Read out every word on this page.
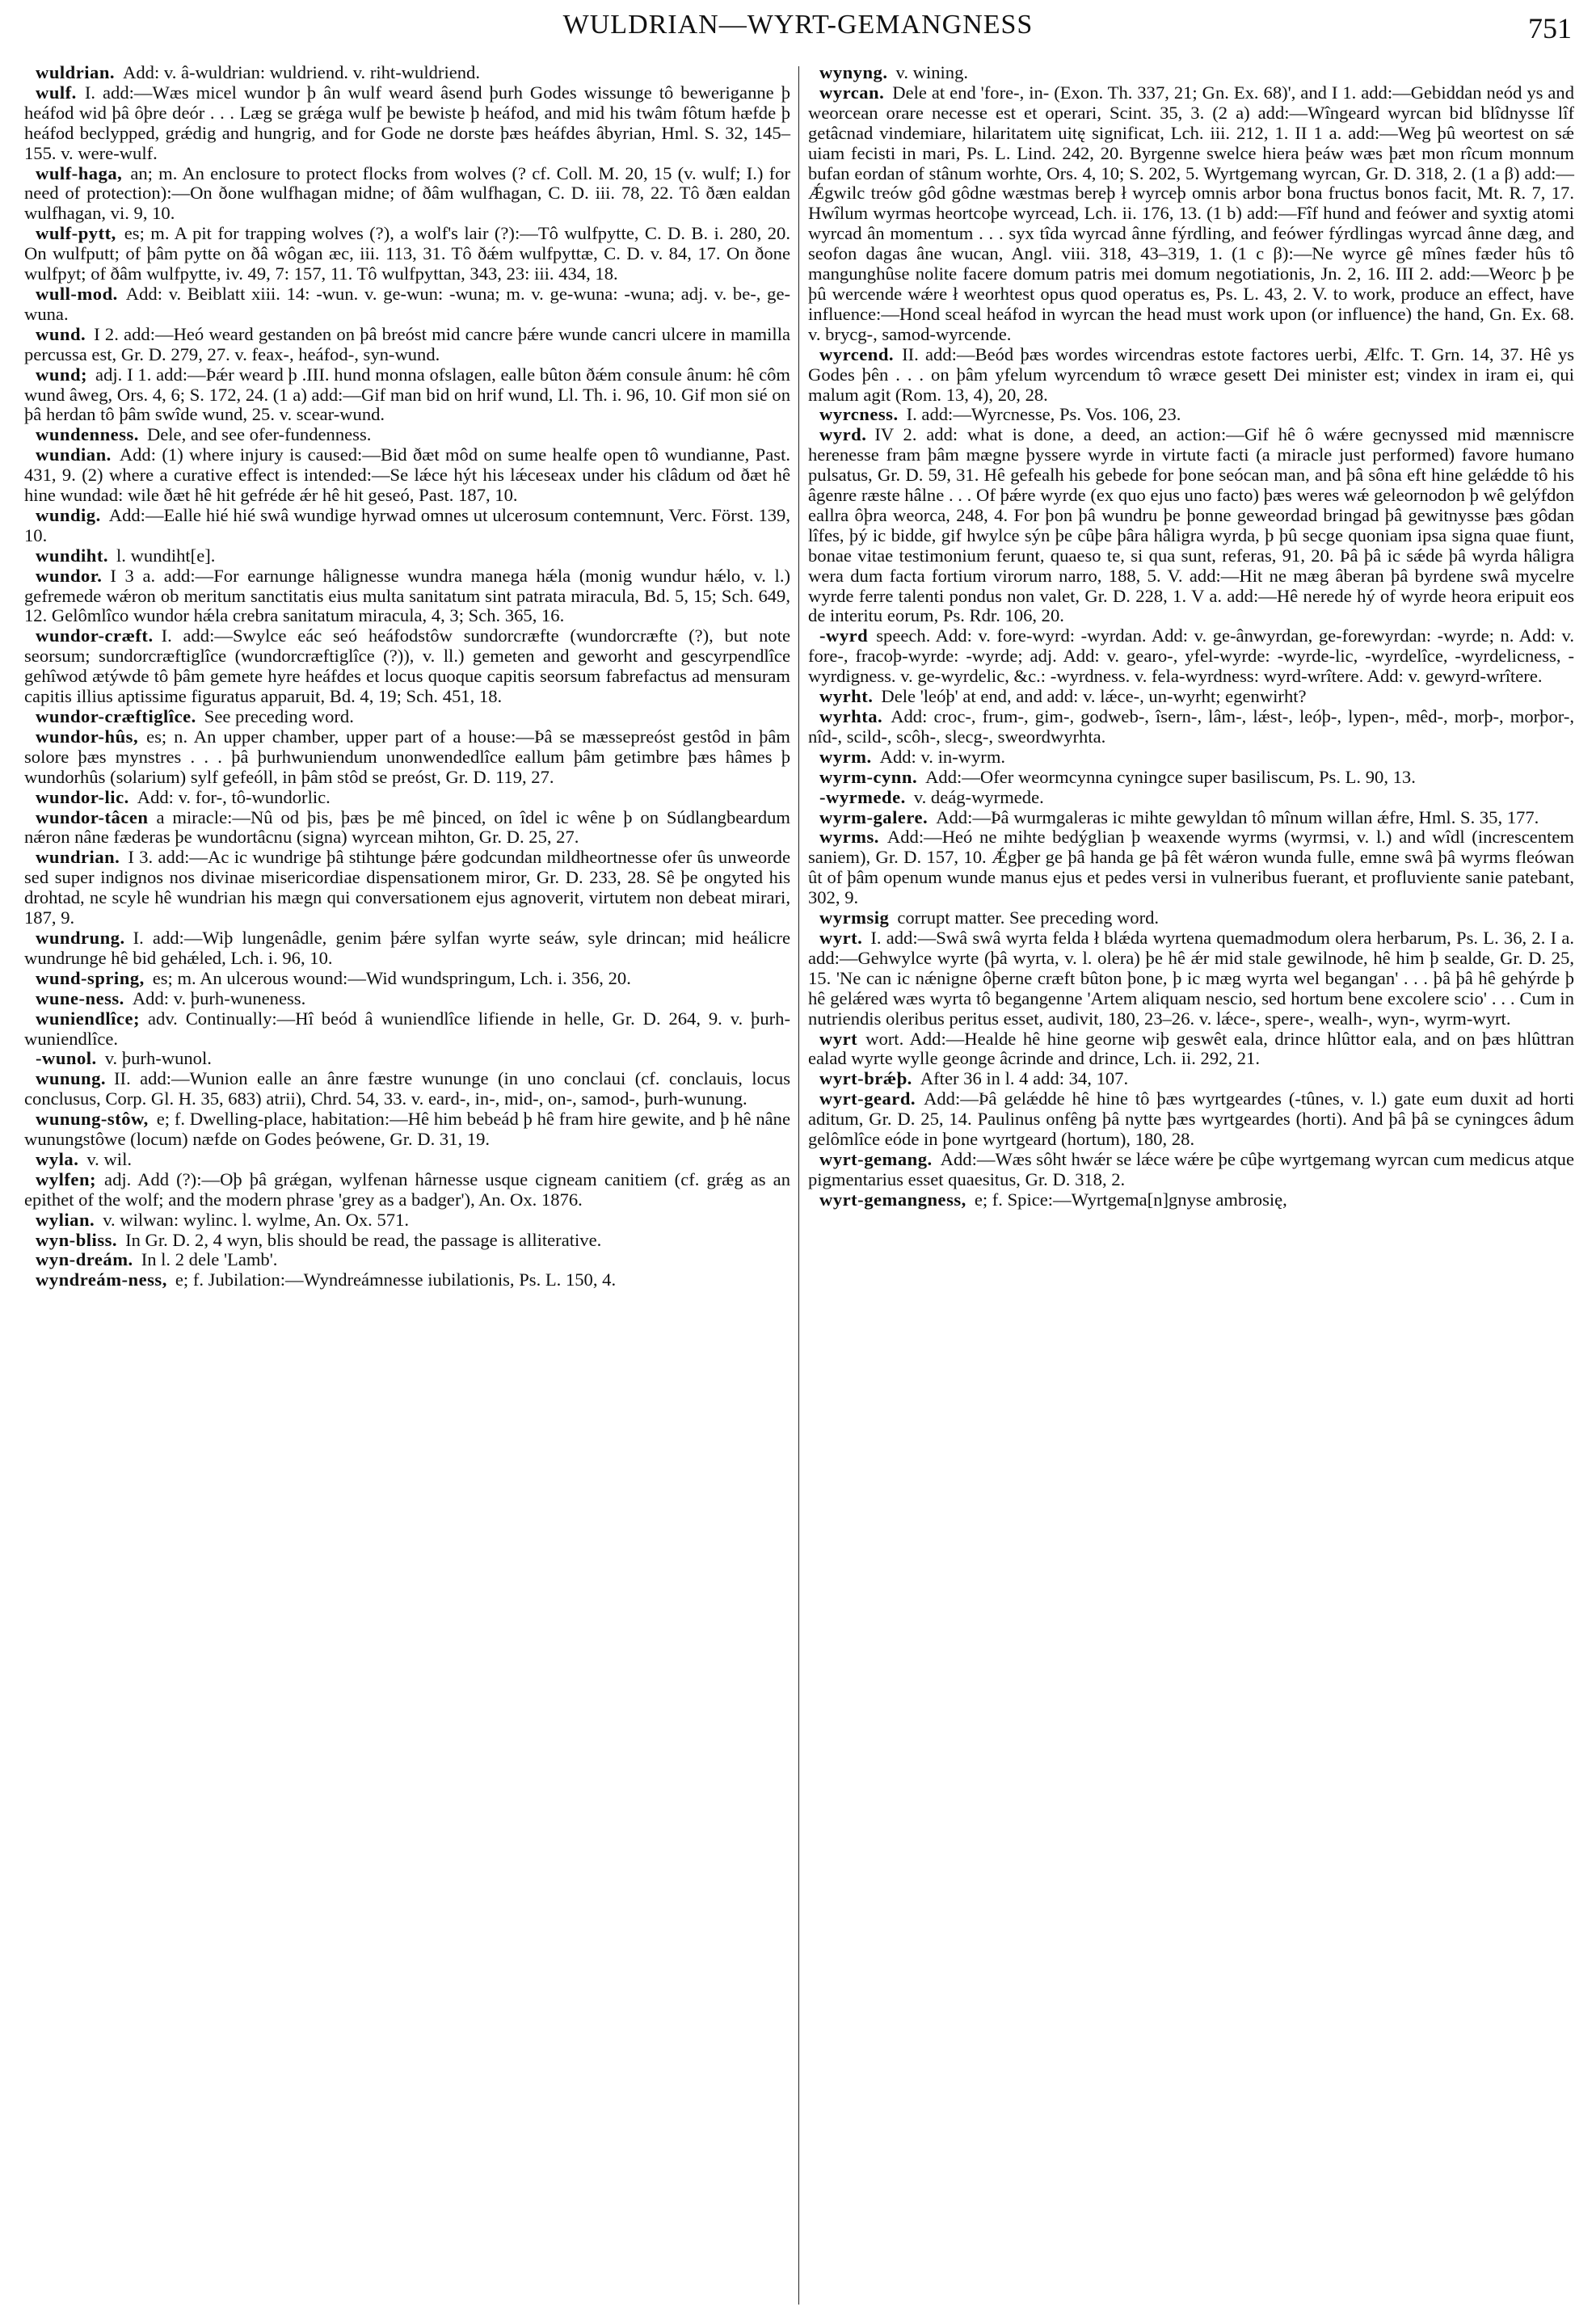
WULDRIAN—WYRT-GEMANGNESS	751

wuldrian. Add: v. â-wuldrian: wuldriend. v. riht-wuldriend.

wulf. I. add:—Wæs micel wundor þ ân wulf weard âsend þurh Godes wissunge tô beweriganne þ heáfod wid þâ ôþre deór . . . Læg se grǽga wulf þe bewiste þ heáfod, and mid his twâm fôtum hæfde þ heáfod beclypped, grǽdig and hungrig, and for Gode ne dorste þæs heáfdes âbyrian, Hml. S. 32, 145–155. v. were-wulf.

wulf-haga, an; m. An enclosure to protect flocks from wolves (? cf. Coll. M. 20, 15 (v. wulf; I.) for need of protection):—On ðone wulfhagan midne; of ðâm wulfhagan, C. D. iii. 78, 22. Tô ðæn ealdan wulfhagan, vi. 9, 10.

wulf-pytt, es; m. A pit for trapping wolves (?), a wolf's lair (?):—Tô wulfpytte, C. D. B. i. 280, 20. On wulfputt; of þâm pytte on ðâ wôgan æc, iii. 113, 31. Tô ðǽm wulfpyttæ, C. D. v. 84, 17. On ðone wulfpyt; of ðâm wulfpytte, iv. 49, 7: 157, 11. Tô wulfpyttan, 343, 23: iii. 434, 18.

wull-mod. Add: v. Beiblatt xiii. 14: -wun. v. ge-wun: -wuna; m. v. ge-wuna: -wuna; adj. v. be-, ge-wuna.

wund. I 2. add:—Heó weard gestanden on þâ breóst mid cancre þǽre wunde cancri ulcere in mamilla percussa est, Gr. D. 279, 27. v. feax-, heáfod-, syn-wund.

wund; adj. I 1. add:—Þǽr weard þ .III. hund monna ofslagen, ealle bûton ðǽm consule ânum: hê côm wund âweg, Ors. 4, 6; S. 172, 24. (1 a) add:—Gif man bid on hrif wund, Ll. Th. i. 96, 10. Gif mon sié on þâ herdan tô þâm swîde wund, 25. v. scear-wund.

wundenness. Dele, and see ofer-fundenness.

wundian. Add: (1) where injury is caused:—Bid ðæt môd on sume healfe open tô wundianne, Past. 431, 9. (2) where a curative effect is intended:—Se lǽce hýt his lǽceseax under his clâdum od ðæt hê hine wundad: wile ðæt hê hit gefréde ǽr hê hit geseó, Past. 187, 10.

wundig. Add:—Ealle hié hié swâ wundige hyrwad omnes ut ulcerosum contemnunt, Verc. Först. 139, 10.

wundiht. l. wundiht[e].

wundor. I 3 a. add:—For earnunge hâlignesse wundra manega hǽla (monig wundur hǽlo, v. l.) gefremede wǽron ob meritum sanctitatis eius multa sanitatum sint patrata miracula, Bd. 5, 15; Sch. 649, 12. Gelômlîco wundor hǽla crebra sanitatum miracula, 4, 3; Sch. 365, 16.

wundor-cræft. I. add:—Swylce eác seó heáfodstôw sundorcræfte (wundorcræfte (?), but note seorsum; sundorcræftiglîce (wundorcræftiglîce (?)), v. ll.) gemeten and geworht and gescyrpendlîce gehîwod ætýwde tô þâm gemete hyre heáfdes et locus quoque capitis seorsum fabrefactus ad mensuram capitis illius aptissime figuratus apparuit, Bd. 4, 19; Sch. 451, 18.

wundor-cræftiglîce. See preceding word.

wundor-hûs, es; n. An upper chamber, upper part of a house:—Þâ se mæssepreóst gestôd in þâm solore þæs mynstres . . . þâ þurhwuniendum unonwendedlîce eallum þâm getimbre þæs hâmes þ wundorhûs (solarium) sylf gefeóll, in þâm stôd se preóst, Gr. D. 119, 27.

wundor-lic. Add: v. for-, tô-wundorlic.

wundor-tâcen a miracle:—Nû od þis, þæs þe mê þinced, on îdel ic wêne þ on Súdlangbeardum nǽron nâne fæderas þe wundortâcnu (signa) wyrcean mihton, Gr. D. 25, 27.

wundrian. I 3. add:—Ac ic wundrige þâ stihtunge þǽre godcundan mildheortnesse ofer ûs unweorde sed super indignos nos divinae misericordiae dispensationem miror, Gr. D. 233, 28. Sê þe ongyted his drohtad, ne scyle hê wundrian his mægn qui conversationem ejus agnoverit, virtutem non debeat mirari, 187, 9.

wundrung. I. add:—Wiþ lungenâdle, genim þǽre sylfan wyrte seáw, syle drincan; mid heálicre wundrunge hê bid gehǽled, Lch. i. 96, 10.

wund-spring, es; m. An ulcerous wound:—Wid wundspringum, Lch. i. 356, 20.

wune-ness. Add: v. þurh-wuneness.

wuniendlîce; adv. Continually:—Hî beód â wuniendlîce lifiende in helle, Gr. D. 264, 9. v. þurh-wuniendlîce.

-wunol. v. þurh-wunol.

wunung. II. add:—Wunion ealle an ânre fæstre wununge (in uno conclaui (cf. conclauis, locus conclusus, Corp. Gl. H. 35, 683) atrii), Chrd. 54, 33. v. eard-, in-, mid-, on-, samod-, þurh-wunung.

wunung-stôw, e; f. Dwelling-place, habitation:—Hê him bebeád þ hê fram hire gewite, and þ hê nâne wunungstôwe (locum) næfde on Godes þeówene, Gr. D. 31, 19.

wyla. v. wil.

wylfen; adj. Add (?):—Oþ þâ grǽgan, wylfenan hârnesse usque cigneam canitiem (cf. grǽg as an epithet of the wolf; and the modern phrase 'grey as a badger'), An. Ox. 1876.

wylian. v. wilwan: wylinc. l. wylme, An. Ox. 571.

wyn-bliss. In Gr. D. 2, 4 wyn, blis should be read, the passage is alliterative.

wyn-dreám. In l. 2 dele 'Lamb'.

wyndreám-ness, e; f. Jubilation:—Wyndreámnesse iubilationis, Ps. L. 150, 4.

wynyng. v. wining.

wyrcan. Dele at end 'fore-, in- (Exon. Th. 337, 21; Gn. Ex. 68)', and I 1. add:—Gebiddan neód ys and weorcean orare necesse est et operari, Scint. 35, 3. (2 a) add:—Wîngeard wyrcan bid blîdnysse lîf getâcnad vindemiare, hilaritatem uitę significat, Lch. iii. 212, 1. II 1 a. add:—Weg þû weortest on sǽ uiam fecisti in mari, Ps. L. Lind. 242, 20. Byrgenne swelce hiera þeáw wæs þæt mon rîcum monnum bufan eordan of stânum worhte, Ors. 4, 10; S. 202, 5. Wyrtgemang wyrcan, Gr. D. 318, 2. (1 a β) add:—Ǽgwilc treów gôd gôdne wæstmas bereþ ł wyrceþ omnis arbor bona fructus bonos facit, Mt. R. 7, 17. Hwîlum wyrmas heortcoþe wyrcead, Lch. ii. 176, 13. (1 b) add:—Fîf hund and feówer and syxtig atomi wyrcad ân momentum . . . syx tîda wyrcad ânne fýrdling, and feówer fýrdlingas wyrcad ânne dæg, and seofon dagas âne wucan, Angl. viii. 318, 43–319, 1. (1 c β):—Ne wyrce gê mînes fæder hûs tô mangunghûse nolite facere domum patris mei domum negotiationis, Jn. 2, 16. III 2. add:—Weorc þ þe þû wercende wǽre ł weorhtest opus quod operatus es, Ps. L. 43, 2. V. to work, produce an effect, have influence:—Hond sceal heáfod in wyrcan the head must work upon (or influence) the hand, Gn. Ex. 68. v. brycg-, samod-wyrcende.

wyrcend. II. add:—Beód þæs wordes wircendras estote factores uerbi, Ælfc. T. Grn. 14, 37. Hê ys Godes þên . . . on þâm yfelum wyrcendum tô wræce gesett Dei minister est; vindex in iram ei, qui malum agit (Rom. 13, 4), 20, 28.

wyrcness. I. add:—Wyrcnesse, Ps. Vos. 106, 23.

wyrd. IV 2. add: what is done, a deed, an action:—Gif hê ô wǽre gecnyssed mid mænniscre herenesse fram þâm mægne þyssere wyrde in virtute facti (a miracle just performed) favore humano pulsatus, Gr. D. 59, 31. Hê gefealh his gebede for þone seócan man, and þâ sôna eft hine gelǽdde tô his âgenre ræste hâlne . . . Of þǽre wyrde (ex quo ejus uno facto) þæs weres wǽ geleornodon þ wê gelýfdon eallra ôþra weorca, 248, 4. For þon þâ wundru þe þonne geweordad bringad þâ gewitnysse þæs gôdan lîfes, þý ic bidde, gif hwylce sýn þe cûþe þâra hâligra wyrda, þ þû secge quoniam ipsa signa quae fiunt, bonae vitae testimonium ferunt, quaeso te, si qua sunt, referas, 91, 20. Þâ þâ ic sǽde þâ wyrda hâligra wera dum facta fortium virorum narro, 188, 5. V. add:—Hit ne mæg âberan þâ byrdene swâ mycelre wyrde ferre talenti pondus non valet, Gr. D. 228, 1. V a. add:—Hê nerede hý of wyrde heora eripuit eos de interitu eorum, Ps. Rdr. 106, 20.

-wyrd speech. Add: v. fore-wyrd: -wyrdan. Add: v. ge-ânwyrdan, ge-forewyrdan: -wyrde; n. Add: v. fore-, fracoþ-wyrde: -wyrde; adj. Add: v. gearo-, yfel-wyrde: -wyrde-lic, -wyrdelîce, -wyrdelicness, -wyrdigness. v. ge-wyrdelic, &c.: -wyrdness. v. fela-wyrdness: wyrd-wrîtere. Add: v. gewyrd-wrîtere.

wyrht. Dele 'leóþ' at end, and add: v. lǽce-, un-wyrht; egenwirht?

wyrhta. Add: croc-, frum-, gim-, godweb-, îsern-, lâm-, lǽst-, leóþ-, lypen-, mêd-, morþ-, morþor-, nîd-, scild-, scôh-, slecg-, sweordwyrhta.

wyrm. Add: v. in-wyrm.

wyrm-cynn. Add:—Ofer weormcynna cyningce super basiliscum, Ps. L. 90, 13.

-wyrmede. v. deág-wyrmede.

wyrm-galere. Add:—Þâ wurmgaleras ic mihte gewyldan tô mînum willan ǽfre, Hml. S. 35, 177.

wyrms. Add:—Heó ne mihte bedýglian þ weaxende wyrms (wyrmsi, v. l.) and wîdl (increscentem saniem), Gr. D. 157, 10. Ǽgþer ge þâ handa ge þâ fêt wǽron wunda fulle, emne swâ þâ wyrms fleówan ût of þâm openum wunde manus ejus et pedes versi in vulneribus fuerant, et profluviente sanie patebant, 302, 9.

wyrmsig corrupt matter. See preceding word.

wyrt. I. add:—Swâ swâ wyrta felda ł blǽda wyrtena quemadmodum olera herbarum, Ps. L. 36, 2. I a. add:—Gehwylce wyrte (þâ wyrta, v. l. olera) þe hê ǽr mid stale gewilnode, hê him þ sealde, Gr. D. 25, 15. 'Ne can ic nǽnigne ôþerne cræft bûton þone, þ ic mæg wyrta wel begangan' . . . þâ þâ hê gehýrde þ hê gelǽred wæs wyrta tô begangenne 'Artem aliquam nescio, sed hortum bene excolere scio' . . . Cum in nutriendis oleribus peritus esset, audivit, 180, 23–26. v. lǽce-, spere-, wealh-, wyn-, wyrm-wyrt.

wyrt wort. Add:—Healde hê hine georne wiþ geswêt eala, drince hlûttor eala, and on þæs hlûttran ealad wyrte wylle geonge âcrinde and drince, Lch. ii. 292, 21.

wyrt-brǽþ. After 36 in l. 4 add: 34, 107.

wyrt-geard. Add:—Þâ gelǽdde hê hine tô þæs wyrtgeardes (-tûnes, v. l.) gate eum duxit ad horti aditum, Gr. D. 25, 14. Paulinus onfêng þâ nytte þæs wyrtgeardes (horti). And þâ þâ se cyningces âdum gelômlîce eóde in þone wyrtgeard (hortum), 180, 28.

wyrt-gemang. Add:—Wæs sôht hwǽr se lǽce wǽre þe cûþe wyrtgemang wyrcan cum medicus atque pigmentarius esset quaesitus, Gr. D. 318, 2.

wyrt-gemangness, e; f. Spice:—Wyrtgema[n]gnyse ambrosię,
